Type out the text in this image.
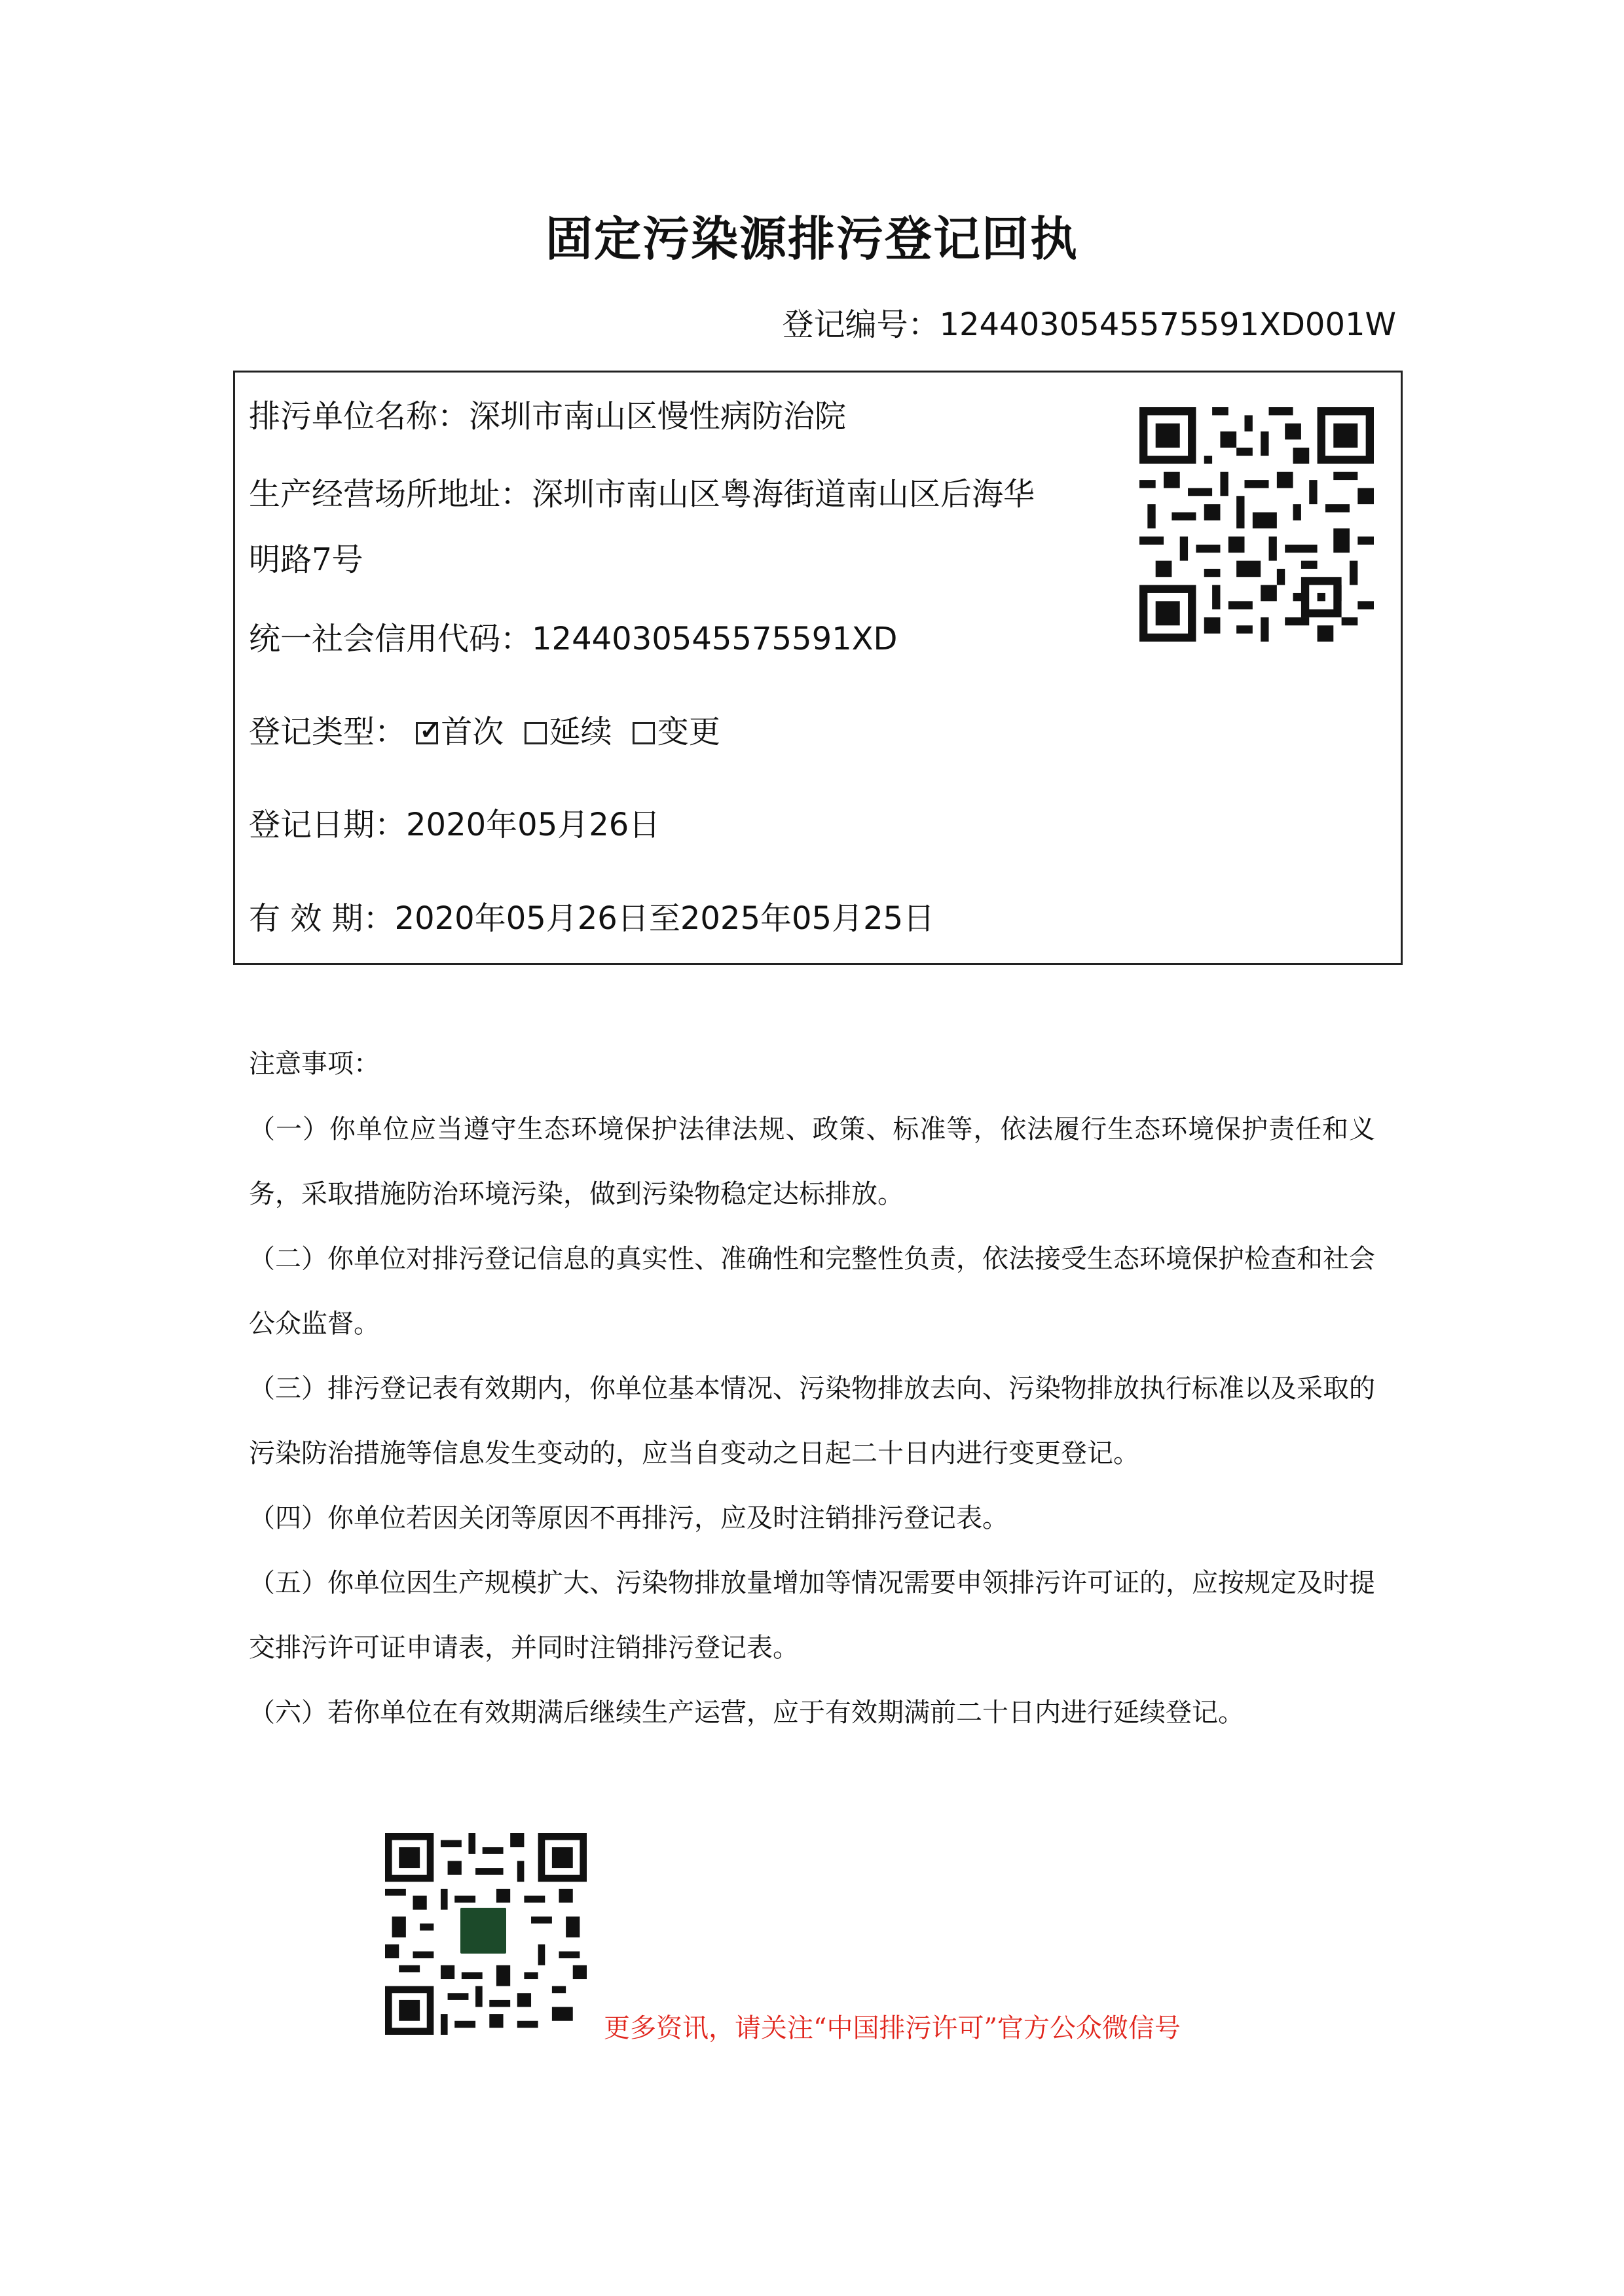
固定污染源排污登记回执
登记编号：1244030545575591XD001W
排污单位名称：深圳市南山区慢性病防治院
生产经营场所地址：深圳市南山区粤海街道南山区后海华
明路7号
统一社会信用代码：1244030545575591XD
登记类型： ✓ 首次 延续 变更
登记日期：2020年05月26日
有 效 期：2020年05月26日至2025年05月25日
注意事项：
（一）你单位应当遵守生态环境保护法律法规、政策、标准等，依法履行生态环境保护责任和义务，采取措施防治环境污染，做到污染物稳定达标排放。
（二）你单位对排污登记信息的真实性、准确性和完整性负责，依法接受生态环境保护检查和社会公众监督。
（三）排污登记表有效期内，你单位基本情况、污染物排放去向、污染物排放执行标准以及采取的污染防治措施等信息发生变动的，应当自变动之日起二十日内进行变更登记。
（四）你单位若因关闭等原因不再排污，应及时注销排污登记表。
（五）你单位因生产规模扩大、污染物排放量增加等情况需要申领排污许可证的，应按规定及时提交排污许可证申请表，并同时注销排污登记表。
（六）若你单位在有效期满后继续生产运营，应于有效期满前二十日内进行延续登记。
更多资讯，请关注“中国排污许可”官方公众微信号
